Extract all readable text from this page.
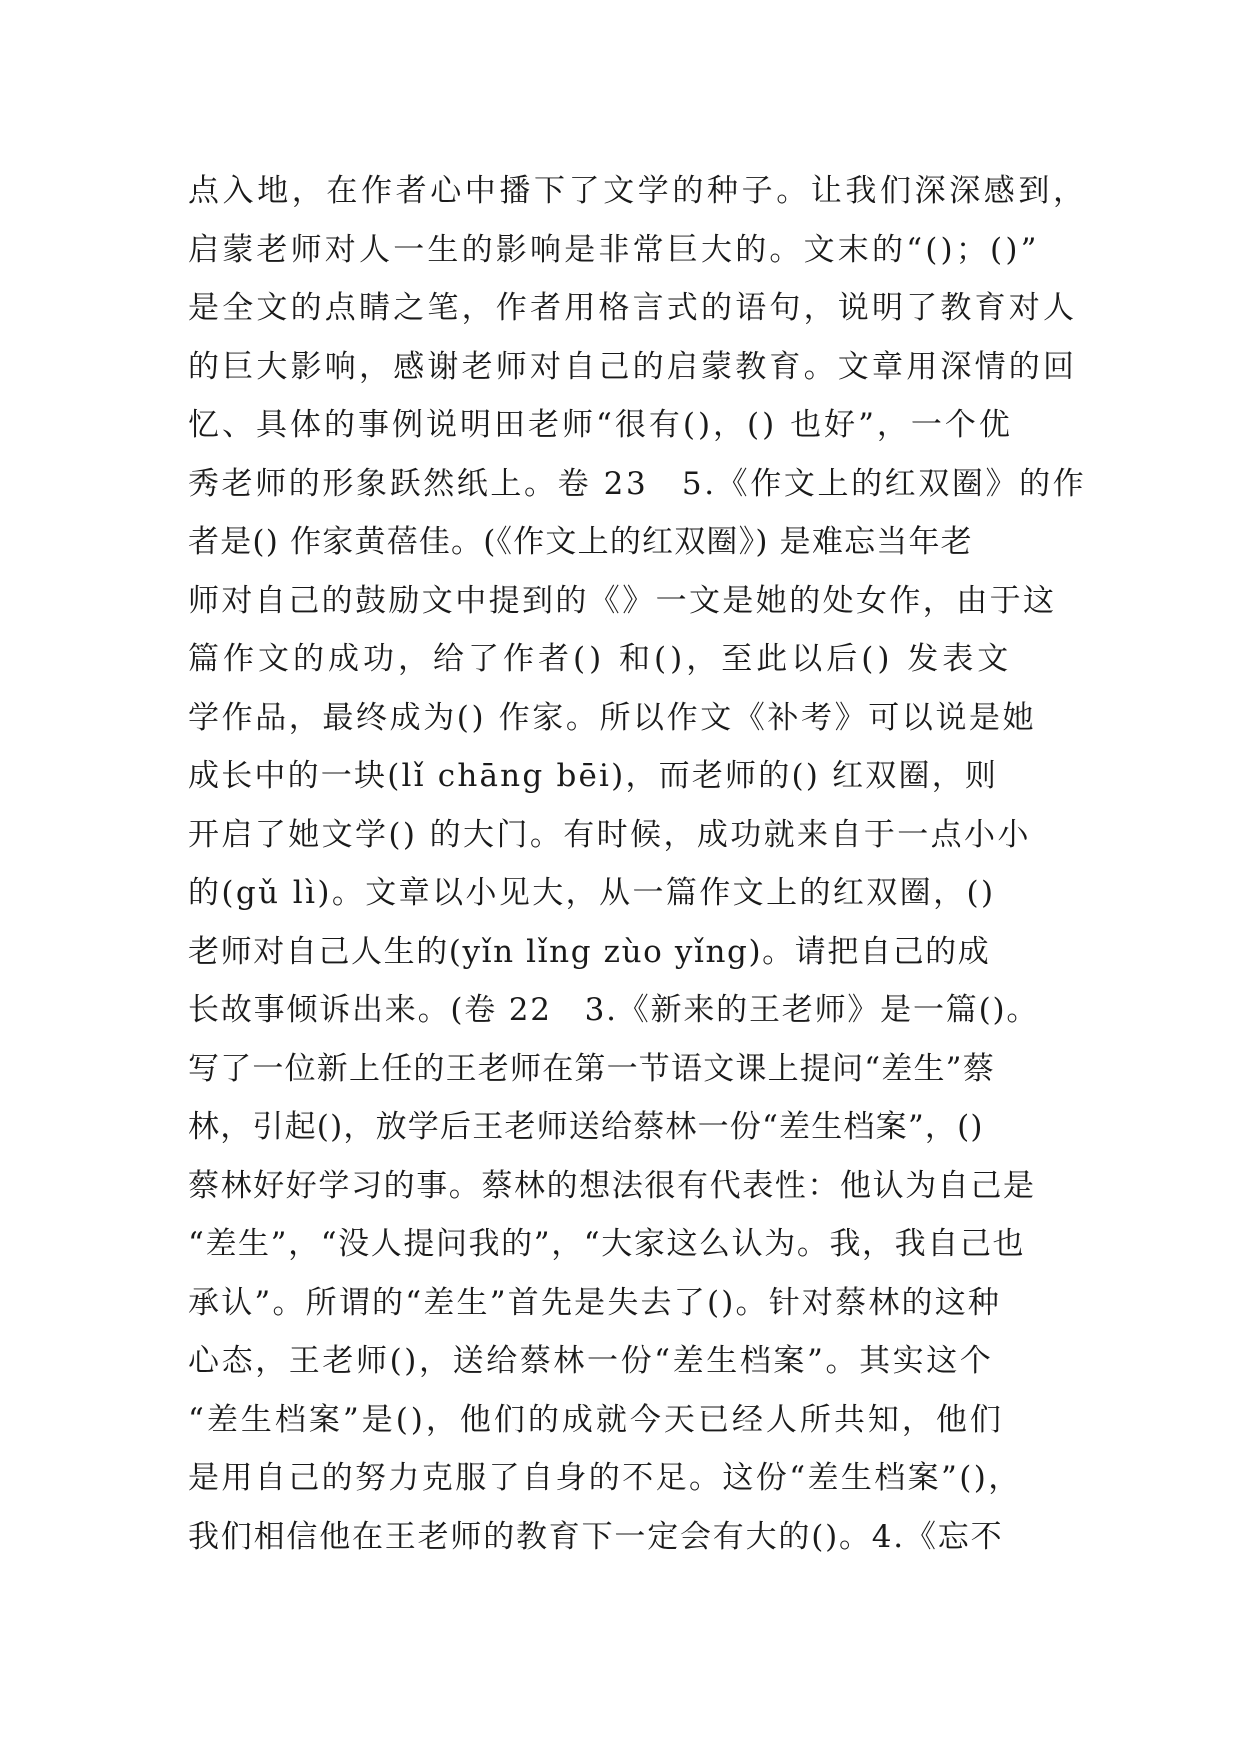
点入地，在作者心中播下了文学的种子。让我们深深感到，
启蒙老师对人一生的影响是非常巨大的。文末的“()；()”
是全文的点睛之笔，作者用格言式的语句，说明了教育对人
的巨大影响，感谢老师对自己的启蒙教育。文章用深情的回
忆、具体的事例说明田老师“很有()，() 也好”，一个优
秀老师的形象跃然纸上。卷 23　5.《作文上的红双圈》的作
者是() 作家黄蓓佳。(《作文上的红双圈》) 是难忘当年老
师对自己的鼓励文中提到的《》一文是她的处女作，由于这
篇作文的成功，给了作者() 和()，至此以后() 发表文
学作品，最终成为() 作家。所以作文《补考》可以说是她
成长中的一块(lǐ chāng bēi)，而老师的() 红双圈，则
开启了她文学() 的大门。有时候，成功就来自于一点小小
的(gǔ lì)。文章以小见大，从一篇作文上的红双圈，()
老师对自己人生的(yǐn lǐng zùo yǐng)。请把自己的成
长故事倾诉出来。(卷 22　3.《新来的王老师》是一篇()。
写了一位新上任的王老师在第一节语文课上提问“差生”蔡
林，引起()，放学后王老师送给蔡林一份“差生档案”，()
蔡林好好学习的事。蔡林的想法很有代表性：他认为自己是
“差生”，“没人提问我的”，“大家这么认为。我，我自己也
承认”。所谓的“差生”首先是失去了()。针对蔡林的这种
心态，王老师()，送给蔡林一份“差生档案”。其实这个
“差生档案”是()，他们的成就今天已经人所共知，他们
是用自己的努力克服了自身的不足。这份“差生档案”()，
我们相信他在王老师的教育下一定会有大的()。4.《忘不
